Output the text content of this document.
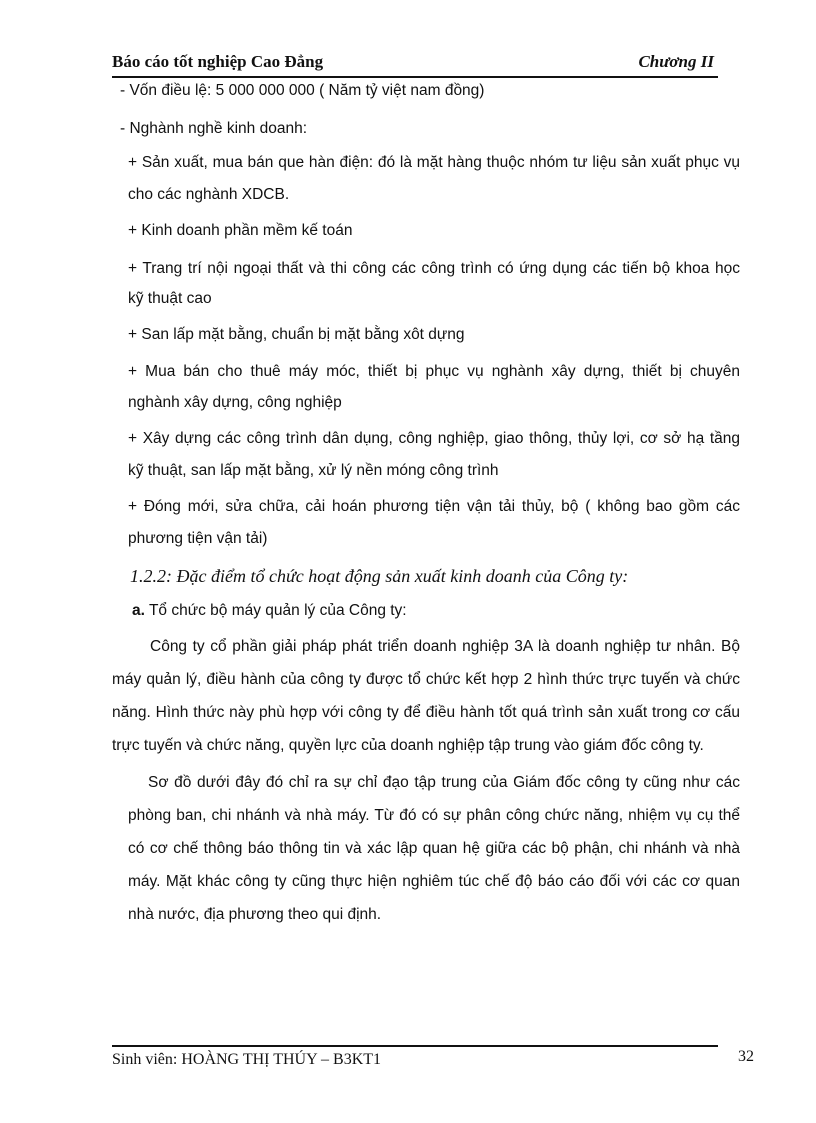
Báo cáo tốt nghiệp Cao Đẳng	Chương II
- Vốn điều lệ: 5 000 000 000 ( Năm tỷ việt nam đồng)
- Nghành nghề kinh doanh:
+ Sản xuất, mua bán que hàn điện: đó là mặt hàng thuộc nhóm tư liệu sản xuất phục vụ
cho các nghành XDCB.
+ Kinh doanh phần mềm kế toán
+ Trang trí nội ngoại thất và thi công các công trình có ứng dụng các tiến bộ khoa học
kỹ thuật cao
+ San lấp mặt bằng, chuẩn bị mặt bằng xôt dựng
+ Mua bán cho thuê máy móc, thiết bị phục vụ nghành xây dựng, thiết bị chuyên
nghành xây dựng, công nghiệp
+ Xây dựng các công trình dân dụng, công nghiệp, giao thông, thủy lợi, cơ sở hạ tầng
kỹ thuật, san lấp mặt bằng, xử lý nền móng công trình
+ Đóng mới, sửa chữa, cải hoán phương tiện vận tải thủy, bộ ( không bao gồm các
phương tiện vận tải)
1.2.2: Đặc điểm tổ chức hoạt động sản xuất kinh doanh của Công ty:
a. Tổ chức bộ máy quản lý của Công ty:
Công ty cổ phần giải pháp phát triển doanh nghiệp 3A là doanh nghiệp tư nhân. Bộ
máy quản lý, điều hành của công ty được tổ chức kết hợp 2 hình thức trực tuyến và chức
năng. Hình thức này phù hợp với công ty để điều hành tốt quá trình sản xuất trong cơ cấu
trực tuyến và chức năng, quyền lực của doanh nghiệp tập trung vào giám đốc công ty.
Sơ đồ dưới đây đó chỉ ra sự chỉ đạo tập trung của Giám đốc công ty cũng như các
phòng ban, chi nhánh và nhà máy. Từ đó có sự phân công chức năng, nhiệm vụ cụ thể
có cơ chế thông báo thông tin và xác lập quan hệ giữa các bộ phận, chi nhánh và nhà
máy. Mặt khác công ty cũng thực hiện nghiêm túc chế độ báo cáo đối với các cơ quan
nhà nước, địa phương theo qui định.
Sinh viên: HOÀNG THỊ THÚY – B3KT1	32
